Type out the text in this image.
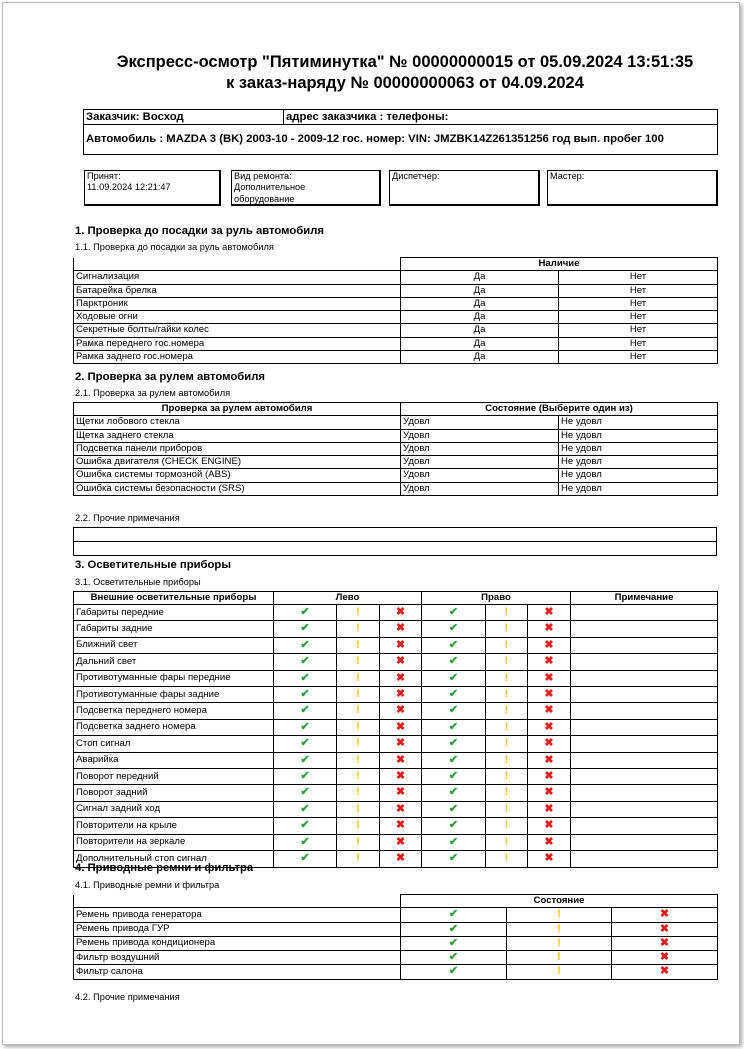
Экспресс-осмотр "Пятиминутка" № 00000000015 от 05.09.2024 13:51:35
к заказ-наряду № 00000000063 от 04.09.2024
Заказчик: Восход	адрес заказчика : телефоны:
Автомобиль : MAZDA 3 (BK) 2003-10 - 2009-12 гос. номер: VIN: JMZBK14Z261351256 год вып. пробег 100
Принят:
11.09.2024 12:21:47
Вид ремонта:
Дополнительное оборудование
Диспетчер:	Мастер:
1. Проверка до посадки за руль автомобиля
1.1. Проверка до посадки за руль автомобиля
	Наличие	
Сигнализация	Да	Нет
Батарейка брелка	Да	Нет
Парктроник	Да	Нет
Ходовые огни	Да	Нет
Секретные болты/гайки колес	Да	Нет
Рамка переднего гос.номера	Да	Нет
Рамка заднего гос.номера	Да	Нет
2. Проверка за рулем автомобиля
2.1. Проверка за рулем автомобиля
Проверка за рулем автомобиля	Состояние (Выберите один из)	
Щетки лобового стекла	Удовл	Не удовл
Щетка заднего стекла	Удовл	Не удовл
Подсветка панели приборов	Удовл	Не удовл
Ошибка двигателя (CHECK ENGINE)	Удовл	Не удовл
Ошибка системы тормозной (ABS)	Удовл	Не удовл
Ошибка системы безопасности (SRS)	Удовл	Не удовл
2.2. Прочие примечания

3. Осветительные приборы
3.1. Осветительные приборы
Внешние осветительные приборы	Лево			Право			Примечание
Габариты передние	✔	!	✖	✔	!	✖	
Габариты задние	✔	!	✖	✔	!	✖	
Ближний свет	✔	!	✖	✔	!	✖	
Дальний свет	✔	!	✖	✔	!	✖	
Противотуманные фары передние	✔	!	✖	✔	!	✖	
Противотуманные фары задние	✔	!	✖	✔	!	✖	
Подсветка переднего номера	✔	!	✖	✔	!	✖	
Подсветка заднего номера	✔	!	✖	✔	!	✖	
Стоп сигнал	✔	!	✖	✔	!	✖	
Аварийка	✔	!	✖	✔	!	✖	
Поворот передний	✔	!	✖	✔	!	✖	
Поворот задний	✔	!	✖	✔	!	✖	
Сигнал задний ход	✔	!	✖	✔	!	✖	
Повторители на крыле	✔	!	✖	✔	!	✖	
Повторители на зеркале	✔	!	✖	✔	!	✖	
Дополнительный стоп сигнал	✔	!	✖	✔	!	✖	
4. Приводные ремни и фильтра
4.1. Приводные ремни и фильтра
	Состояние		
Ремень привода генератора	✔	!	✖
Ремень привода ГУР	✔	!	✖
Ремень привода кондиционера	✔	!	✖
Фильтр воздушний	✔	!	✖
Фильтр салона	✔	!	✖
4.2. Прочие примечания
